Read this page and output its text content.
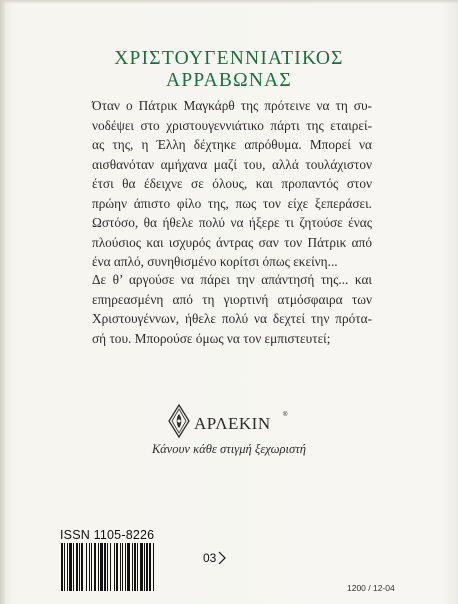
ΧΡΙΣΤΟΥΓΕΝΝΙΑΤΙΚΟΣ
ΑΡΡΑΒΩΝΑΣ
Όταν ο Πάτρικ Μαγκάρθ της πρότεινε να τη συ-
νοδέψει στο χριστουγεννιάτικο πάρτι της εταιρεί-
ας της, η Έλλη δέχτηκε απρόθυμα. Μπορεί να
αισθανόταν αμήχανα μαζί του, αλλά τουλάχιστον
έτσι θα έδειχνε σε όλους, και προπαντός στον
πρώην άπιστο φίλο της, πως τον είχε ξεπεράσει.
Ωστόσο, θα ήθελε πολύ να ήξερε τι ζητούσε ένας
πλούσιος και ισχυρός άντρας σαν τον Πάτρικ από
ένα απλό, συνηθισμένο κορίτσι όπως εκείνη...
Δε θ’ αργούσε να πάρει την απάντησή της... και
επηρεασμένη από τη γιορτινή ατμόσφαιρα των
Χριστουγέννων, ήθελε πολύ να δεχτεί την πρότα-
σή του. Μπορούσε όμως να τον εμπιστευτεί;
ΑΡΛΕΚΙΝ ®
Κάνουν κάθε στιγμή ξεχωριστή
ISSN 1105-8226
03
1200 / 12-04
